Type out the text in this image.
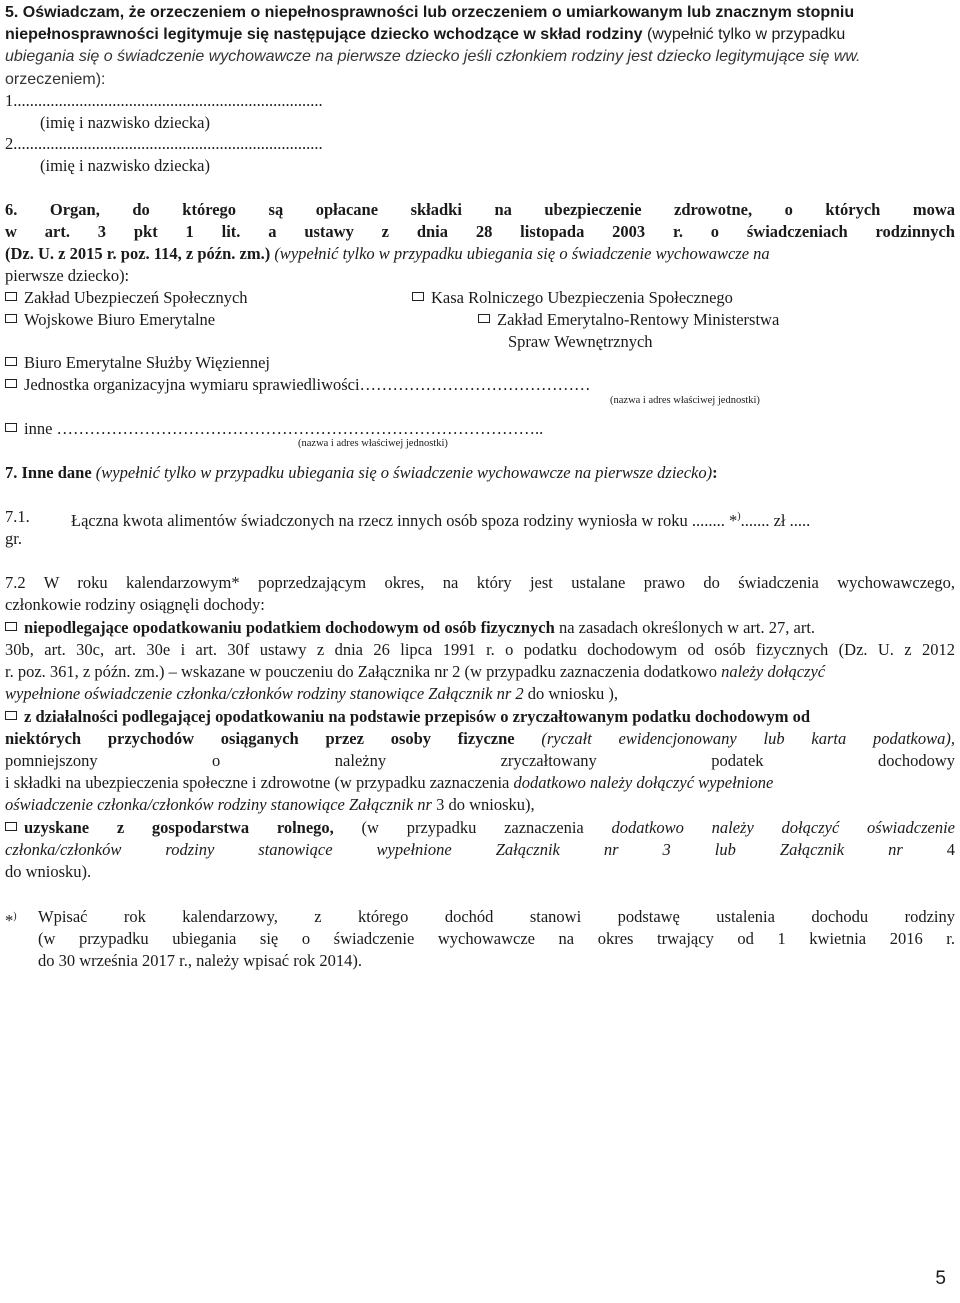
5. Oświadczam, że orzeczeniem o niepełnosprawności lub orzeczeniem o umiarkowanym lub znacznym stopniu
niepełnosprawności legitymuje się następujące dziecko wchodzące w skład rodziny (wypełnić tylko w przypadku
ubiegania się o świadczenie wychowawcze na pierwsze dziecko jeśli członkiem rodziny jest dziecko legitymujące się ww.
orzeczeniem):
1...........................................................................
(imię i nazwisko dziecka)
2...........................................................................
(imię i nazwisko dziecka)
6. Organ, do którego są opłacane składki na ubezpieczenie zdrowotne, o których mowa
w art. 3 pkt 1 lit. a ustawy z dnia 28 listopada 2003 r. o świadczeniach rodzinnych
(Dz. U. z 2015 r. poz. 114, z późn. zm.) (wypełnić tylko w przypadku ubiegania się o świadczenie wychowawcze na
pierwsze dziecko):
Zakład Ubezpieczeń Społecznych	Kasa Rolniczego Ubezpieczenia Społecznego
Wojskowe Biuro Emerytalne	Zakład Emerytalno-Rentowy Ministerstwa
Spraw Wewnętrznych
Biuro Emerytalne Służby Więziennej
Jednostka organizacyjna wymiaru sprawiedliwości……………………………………
(nazwa i adres właściwej jednostki)
inne ……………………………………………………………………………..
(nazwa i adres właściwej jednostki)
7. Inne dane (wypełnić tylko w przypadku ubiegania się o świadczenie wychowawcze na pierwsze dziecko):
7.1.	Łączna kwota alimentów świadczonych na rzecz innych osób spoza rodziny wyniosła w roku ........ *)....... zł .....
gr.
7.2 W roku kalendarzowym* poprzedzającym okres, na który jest ustalane prawo do świadczenia wychowawczego,
członkowie rodziny osiągnęli dochody:
niepodlegające opodatkowaniu podatkiem dochodowym od osób fizycznych na zasadach określonych w art. 27, art.
30b, art. 30c, art. 30e i art. 30f ustawy z dnia 26 lipca 1991 r. o podatku dochodowym od osób fizycznych (Dz. U. z 2012
r. poz. 361, z późn. zm.) – wskazane w pouczeniu do Załącznika nr 2 (w przypadku zaznaczenia dodatkowo należy dołączyć
wypełnione oświadczenie członka/członków rodziny stanowiące Załącznik nr 2 do wniosku ),
z działalności podlegającej opodatkowaniu na podstawie przepisów o zryczałtowanym podatku dochodowym od
niektórych przychodów osiąganych przez osoby fizyczne (ryczałt ewidencjonowany lub karta podatkowa),
pomniejszony o należny zryczałtowany podatek dochodowy
i składki na ubezpieczenia społeczne i zdrowotne (w przypadku zaznaczenia dodatkowo należy dołączyć wypełnione
oświadczenie członka/członków rodziny stanowiące Załącznik nr 3 do wniosku),
uzyskane z gospodarstwa rolnego, (w przypadku zaznaczenia dodatkowo należy dołączyć oświadczenie
członka/członków rodziny stanowiące wypełnione Załącznik nr 3 lub Załącznik nr 4
do wniosku).
*) Wpisać rok kalendarzowy, z którego dochód stanowi podstawę ustalenia dochodu rodziny
(w przypadku ubiegania się o świadczenie wychowawcze na okres trwający od 1 kwietnia 2016 r.
do 30 września 2017 r., należy wpisać rok 2014).
5
